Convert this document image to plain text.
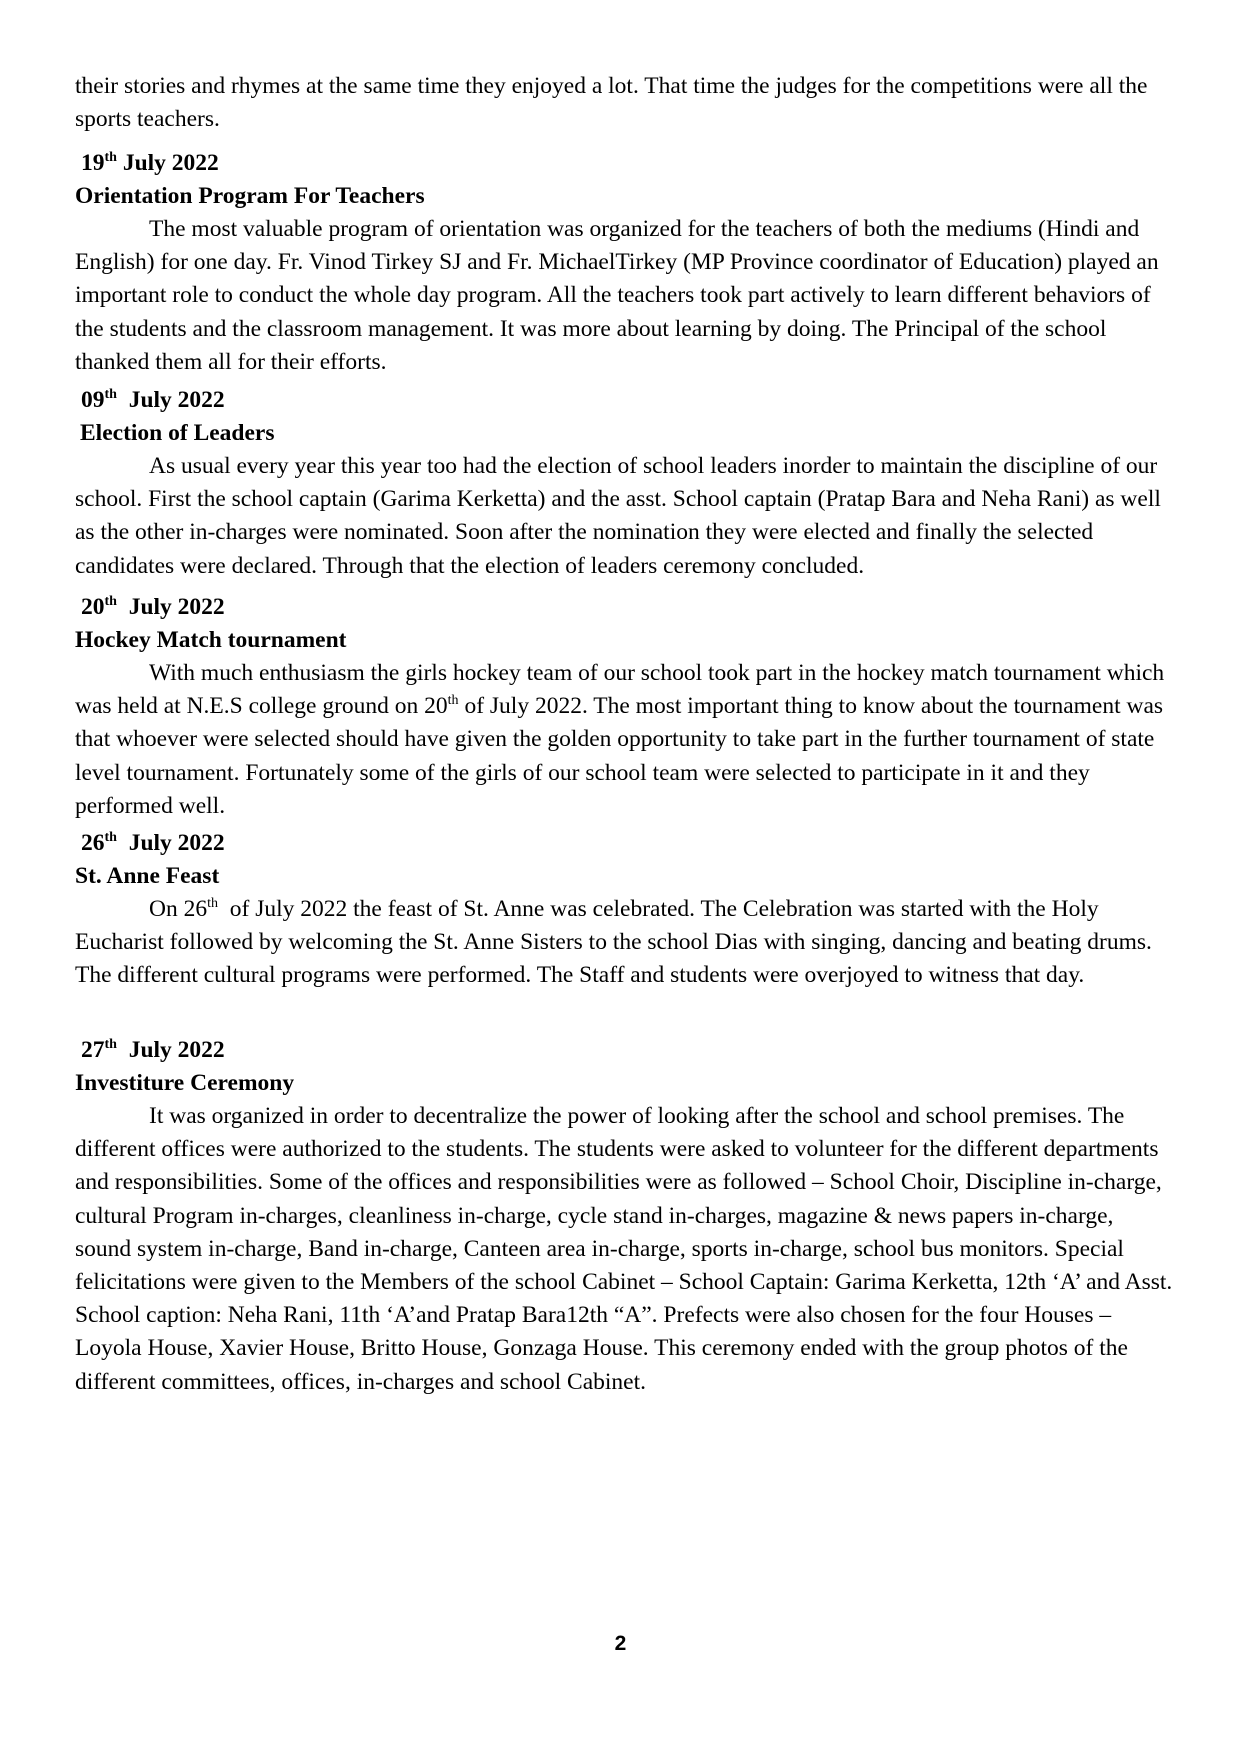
their stories and rhymes at the same time they enjoyed a lot. That time the judges for the competitions were all the sports teachers.

19th July 2022

Orientation Program For Teachers

The most valuable program of orientation was organized for the teachers of both the mediums (Hindi and English) for one day. Fr. Vinod Tirkey SJ and Fr. MichaelTirkey (MP Province coordinator of Education) played an important role to conduct the whole day program. All the teachers took part actively to learn different behaviors of the students and the classroom management. It was more about learning by doing. The Principal of the school thanked them all for their efforts.

09th  July 2022

Election of Leaders

As usual every year this year too had the election of school leaders inorder to maintain the discipline of our school. First the school captain (Garima Kerketta) and the asst. School captain (Pratap Bara and Neha Rani) as well as the other in-charges were nominated. Soon after the nomination they were elected and finally the selected candidates were declared. Through that the election of leaders ceremony concluded.

20th  July 2022

Hockey Match tournament

With much enthusiasm the girls hockey team of our school took part in the hockey match tournament which was held at N.E.S college ground on 20th of July 2022. The most important thing to know about the tournament was that whoever were selected should have given the golden opportunity to take part in the further tournament of state level tournament. Fortunately some of the girls of our school team were selected to participate in it and they performed well.

26th  July 2022

St. Anne Feast

On 26th  of July 2022 the feast of St. Anne was celebrated. The Celebration was started with the Holy Eucharist followed by welcoming the St. Anne Sisters to the school Dias with singing, dancing and beating drums. The different cultural programs were performed. The Staff and students were overjoyed to witness that day.

27th  July 2022

Investiture Ceremony

It was organized in order to decentralize the power of looking after the school and school premises. The different offices were authorized to the students. The students were asked to volunteer for the different departments and responsibilities. Some of the offices and responsibilities were as followed – School Choir, Discipline in-charge, cultural Program in-charges, cleanliness in-charge, cycle stand in-charges, magazine & news papers in-charge, sound system in-charge, Band in-charge, Canteen area in-charge, sports in-charge, school bus monitors. Special felicitations were given to the Members of the school Cabinet – School Captain: Garima Kerketta, 12th ‘A’ and Asst. School caption: Neha Rani, 11th ‘A’and Pratap Bara12th “A”. Prefects were also chosen for the four Houses – Loyola House, Xavier House, Britto House, Gonzaga House. This ceremony ended with the group photos of the different committees, offices, in-charges and school Cabinet.

2
